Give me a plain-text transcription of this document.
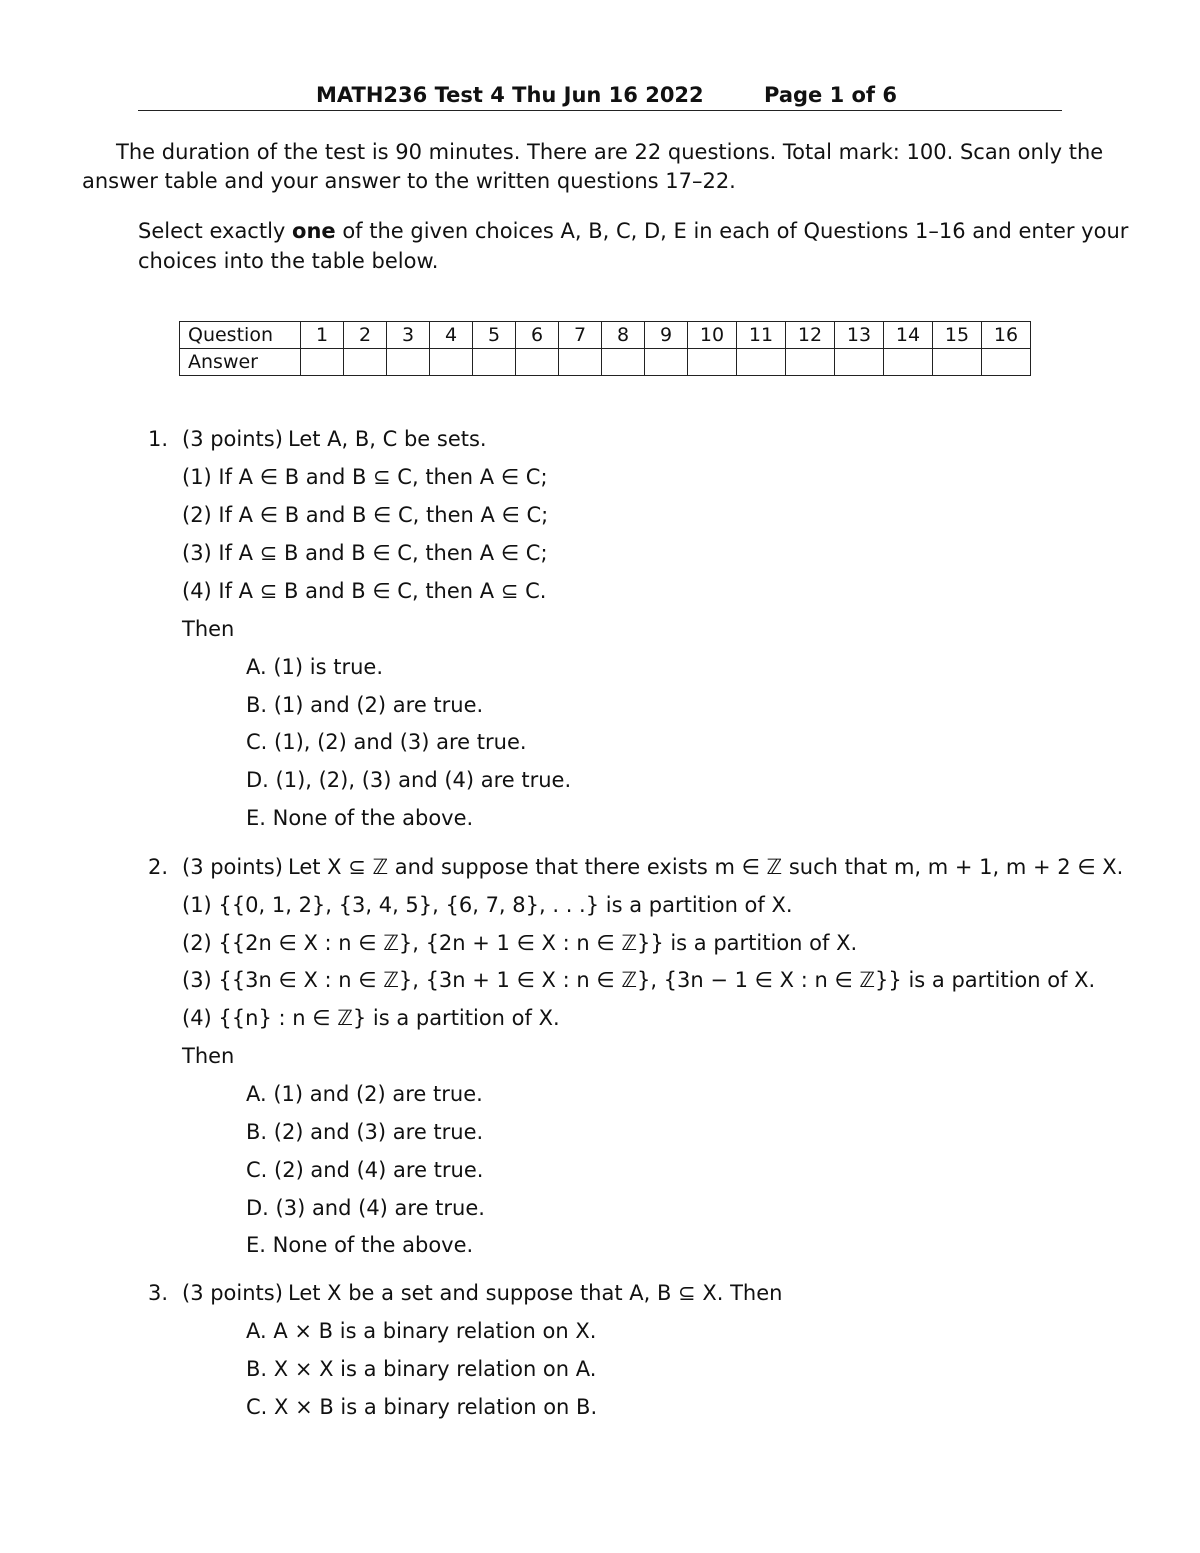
MATH236 Test 4 Thu Jun 16 2022	Page 1 of 6
The duration of the test is 90 minutes. There are 22 questions. Total mark: 100. Scan only the
answer table and your answer to the written questions 17–22.
Select exactly one of the given choices A, B, C, D, E in each of Questions 1–16 and enter your
choices into the table below.
Question	1	2	3	4	5	6	7	8	9	10	11	12	13	14	15	16
Answer																
1. (3 points) Let A, B, C be sets.
(1) If A ∈ B and B ⊆ C, then A ∈ C;
(2) If A ∈ B and B ∈ C, then A ∈ C;
(3) If A ⊆ B and B ∈ C, then A ∈ C;
(4) If A ⊆ B and B ∈ C, then A ⊆ C.
Then
A. (1) is true.
B. (1) and (2) are true.
C. (1), (2) and (3) are true.
D. (1), (2), (3) and (4) are true.
E. None of the above.
2. (3 points) Let X ⊆ ℤ and suppose that there exists m ∈ ℤ such that m, m + 1, m + 2 ∈ X.
(1) {{0, 1, 2}, {3, 4, 5}, {6, 7, 8}, . . .} is a partition of X.
(2) {{2n ∈ X : n ∈ ℤ}, {2n + 1 ∈ X : n ∈ ℤ}} is a partition of X.
(3) {{3n ∈ X : n ∈ ℤ}, {3n + 1 ∈ X : n ∈ ℤ}, {3n − 1 ∈ X : n ∈ ℤ}} is a partition of X.
(4) {{n} : n ∈ ℤ} is a partition of X.
Then
A. (1) and (2) are true.
B. (2) and (3) are true.
C. (2) and (4) are true.
D. (3) and (4) are true.
E. None of the above.
3. (3 points) Let X be a set and suppose that A, B ⊆ X. Then
A. A × B is a binary relation on X.
B. X × X is a binary relation on A.
C. X × B is a binary relation on B.
